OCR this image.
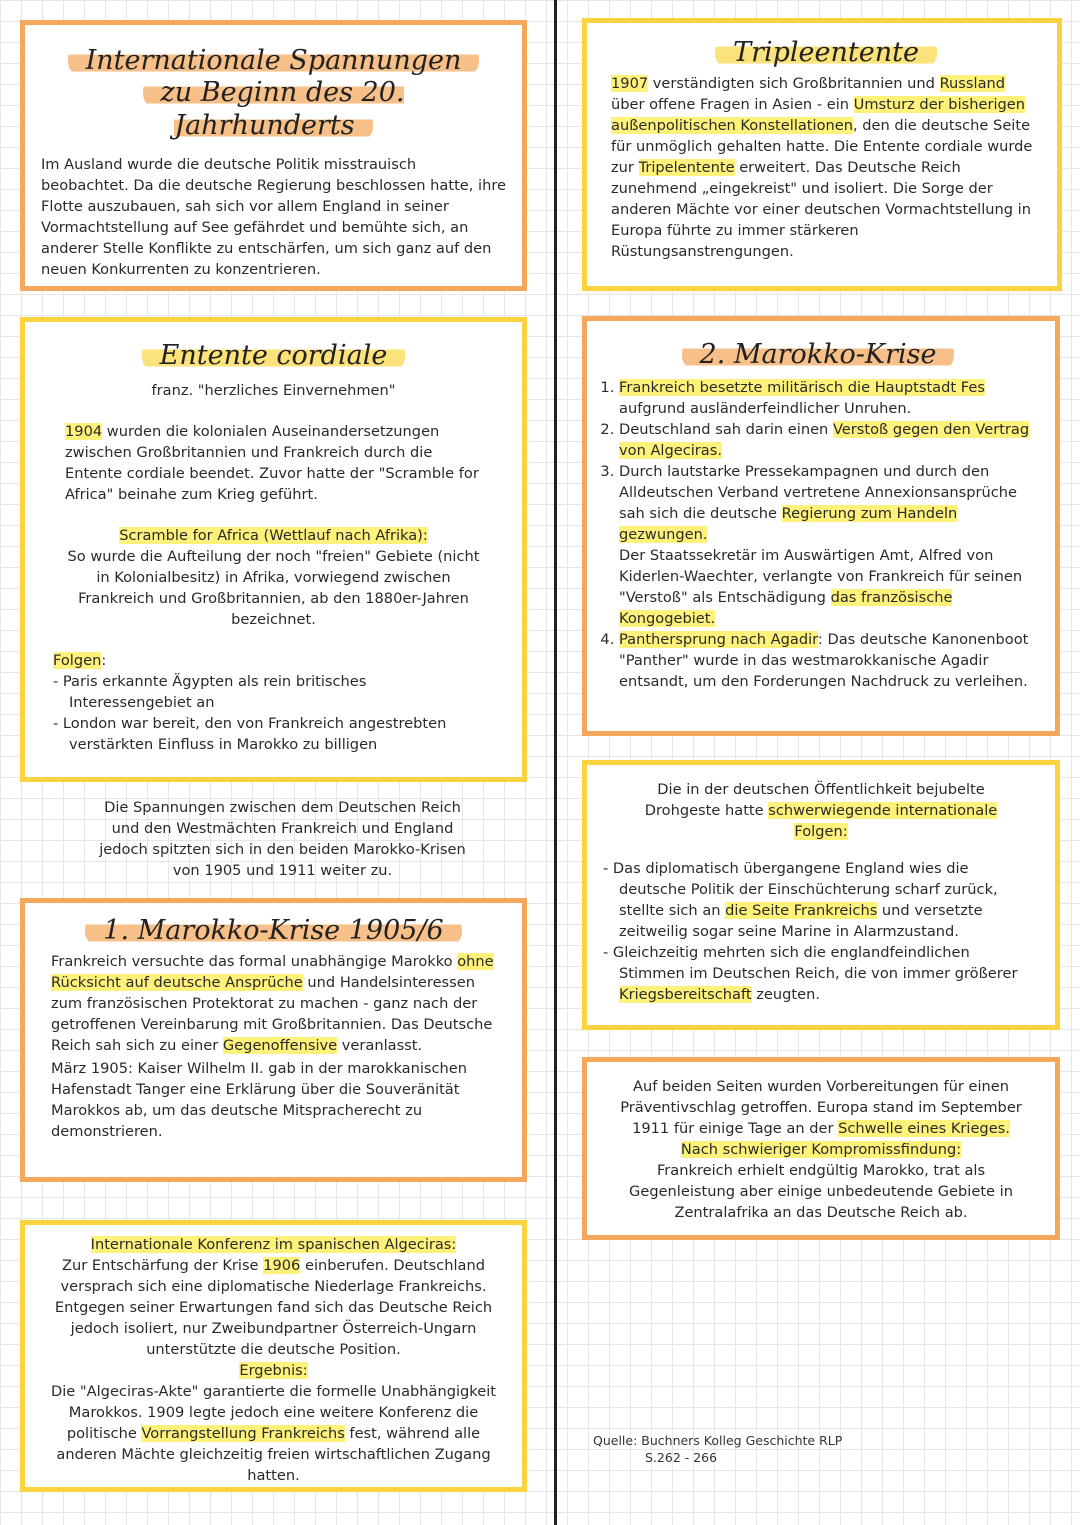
Internationale Spannungen
zu Beginn des 20. Jahrhunderts

Im Ausland wurde die deutsche Politik misstrauisch beobachtet. Da die deutsche Regierung beschlossen hatte, ihre Flotte auszubauen, sah sich vor allem England in seiner Vormachtstellung auf See gefährdet und bemühte sich, an anderer Stelle Konflikte zu entschärfen, um sich ganz auf den neuen Konkurrenten zu konzentrieren.

Entente cordiale

franz. "herzliches Einvernehmen"

1904 wurden die kolonialen Auseinandersetzungen zwischen Großbritannien und Frankreich durch die Entente cordiale beendet. Zuvor hatte der "Scramble for Africa" beinahe zum Krieg geführt.

Scramble for Africa (Wettlauf nach Afrika):

So wurde die Aufteilung der noch "freien" Gebiete (nicht in Kolonialbesitz) in Afrika, vorwiegend zwischen Frankreich und Großbritannien, ab den 1880er-Jahren bezeichnet.

Folgen:

- Paris erkannte Ägypten als rein britisches Interessengebiet an
- London war bereit, den von Frankreich angestrebten verstärkten Einfluss in Marokko zu billigen

Die Spannungen zwischen dem Deutschen Reich und den Westmächten Frankreich und England jedoch spitzten sich in den beiden Marokko-Krisen von 1905 und 1911 weiter zu.

1. Marokko-Krise 1905/6

Frankreich versuchte das formal unabhängige Marokko ohne Rücksicht auf deutsche Ansprüche und Handelsinteressen zum französischen Protektorat zu machen - ganz nach der getroffenen Vereinbarung mit Großbritannien. Das Deutsche Reich sah sich zu einer Gegenoffensive veranlasst.

März 1905: Kaiser Wilhelm II. gab in der marokkanischen Hafenstadt Tanger eine Erklärung über die Souveränität Marokkos ab, um das deutsche Mitspracherecht zu demonstrieren.

Internationale Konferenz im spanischen Algeciras:

Zur Entschärfung der Krise 1906 einberufen. Deutschland versprach sich eine diplomatische Niederlage Frankreichs. Entgegen seiner Erwartungen fand sich das Deutsche Reich jedoch isoliert, nur Zweibundpartner Österreich-Ungarn unterstützte die deutsche Position.

Ergebnis:

Die "Algeciras-Akte" garantierte die formelle Unabhängigkeit Marokkos. 1909 legte jedoch eine weitere Konferenz die politische Vorrangstellung Frankreichs fest, während alle anderen Mächte gleichzeitig freien wirtschaftlichen Zugang hatten.

Tripleentente

1907 verständigten sich Großbritannien und Russland über offene Fragen in Asien - ein Umsturz der bisherigen außenpolitischen Konstellationen, den die deutsche Seite für unmöglich gehalten hatte. Die Entente cordiale wurde zur Tripelentente erweitert. Das Deutsche Reich zunehmend „eingekreist" und isoliert. Die Sorge der anderen Mächte vor einer deutschen Vormachtstellung in Europa führte zu immer stärkeren Rüstungsanstrengungen.

2. Marokko-Krise
1. Frankreich besetzte militärisch die Hauptstadt Fes aufgrund ausländerfeindlicher Unruhen.
2. Deutschland sah darin einen Verstoß gegen den Vertrag von Algeciras.
3. Durch lautstarke Pressekampagnen und durch den Alldeutschen Verband vertretene Annexionsansprüche sah sich die deutsche Regierung zum Handeln gezwungen.
Der Staatssekretär im Auswärtigen Amt, Alfred von Kiderlen-Waechter, verlangte von Frankreich für seinen "Verstoß" als Entschädigung das französische Kongogebiet.
4. Panthersprung nach Agadir: Das deutsche Kanonenboot "Panther" wurde in das westmarokkanische Agadir entsandt, um den Forderungen Nachdruck zu verleihen.

Die in der deutschen Öffentlichkeit bejubelte Drohgeste hatte schwerwiegende internationale Folgen:

- Das diplomatisch übergangene England wies die deutsche Politik der Einschüchterung scharf zurück, stellte sich an die Seite Frankreichs und versetzte zeitweilig sogar seine Marine in Alarmzustand.
- Gleichzeitig mehrten sich die englandfeindlichen Stimmen im Deutschen Reich, die von immer größerer Kriegsbereitschaft zeugten.

Auf beiden Seiten wurden Vorbereitungen für einen Präventivschlag getroffen. Europa stand im September 1911 für einige Tage an der Schwelle eines Krieges.

Nach schwieriger Kompromissfindung:

Frankreich erhielt endgültig Marokko, trat als Gegenleistung aber einige unbedeutende Gebiete in Zentralafrika an das Deutsche Reich ab.

Quelle: Buchners Kolleg Geschichte RLP
S.262 - 266
